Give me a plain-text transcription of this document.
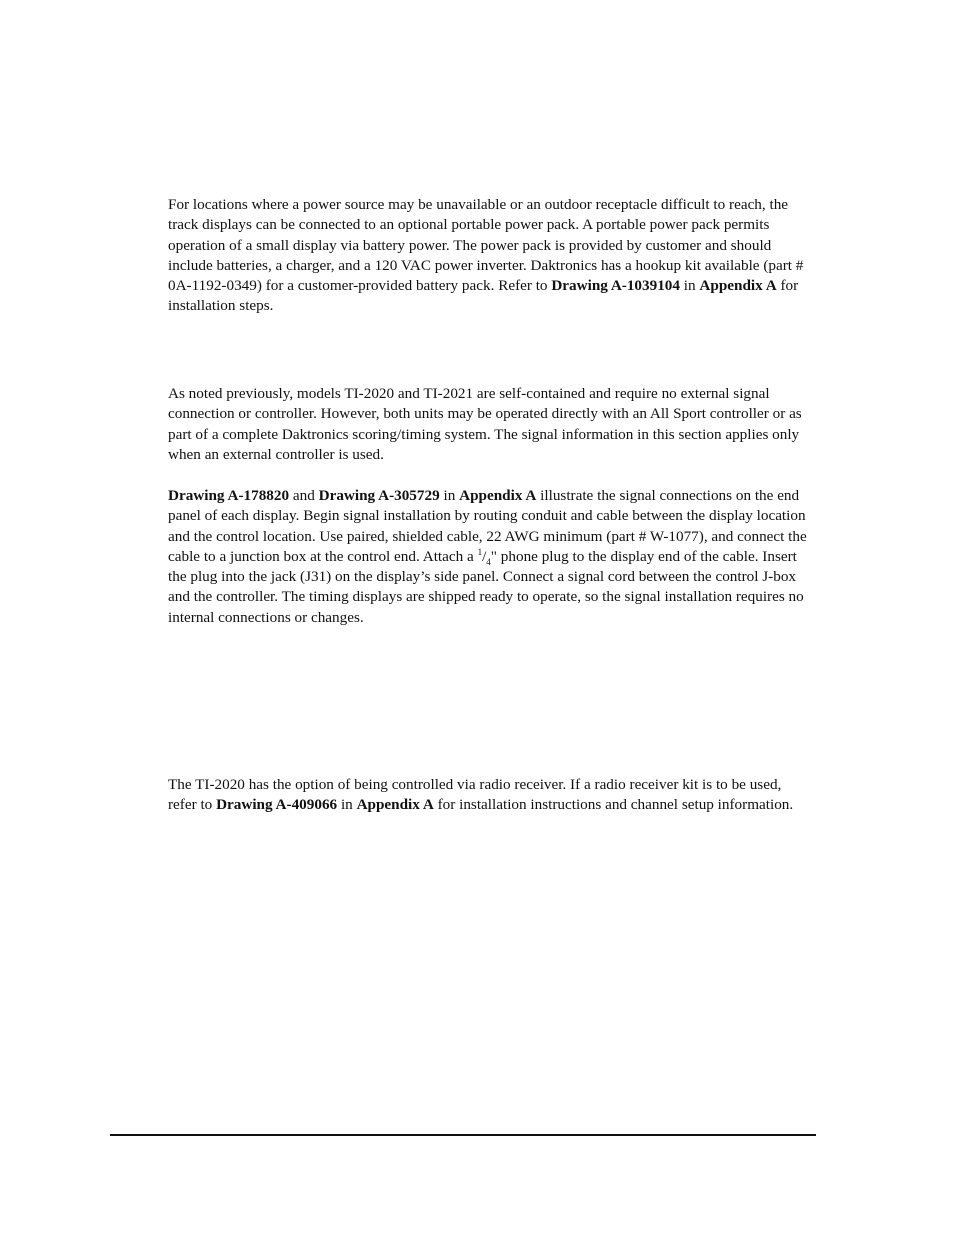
For locations where a power source may be unavailable or an outdoor receptacle difficult to reach, the track displays can be connected to an optional portable power pack. A portable power pack permits operation of a small display via battery power. The power pack is provided by customer and should include batteries, a charger, and a 120 VAC power inverter. Daktronics has a hookup kit available (part # 0A-1192-0349) for a customer-provided battery pack. Refer to Drawing A-1039104 in Appendix A for installation steps.

As noted previously, models TI-2020 and TI-2021 are self-contained and require no external signal connection or controller. However, both units may be operated directly with an All Sport controller or as part of a complete Daktronics scoring/timing system. The signal information in this section applies only when an external controller is used.

Drawing A-178820 and Drawing A-305729 in Appendix A illustrate the signal connections on the end panel of each display. Begin signal installation by routing conduit and cable between the display location and the control location. Use paired, shielded cable, 22 AWG minimum (part # W-1077), and connect the cable to a junction box at the control end. Attach a $^1/_4$" phone plug to the display end of the cable. Insert the plug into the jack (J31) on the display’s side panel. Connect a signal cord between the control J-box and the controller. The timing displays are shipped ready to operate, so the signal installation requires no internal connections or changes.

The TI-2020 has the option of being controlled via radio receiver. If a radio receiver kit is to be used, refer to Drawing A-409066 in Appendix A for installation instructions and channel setup information.
